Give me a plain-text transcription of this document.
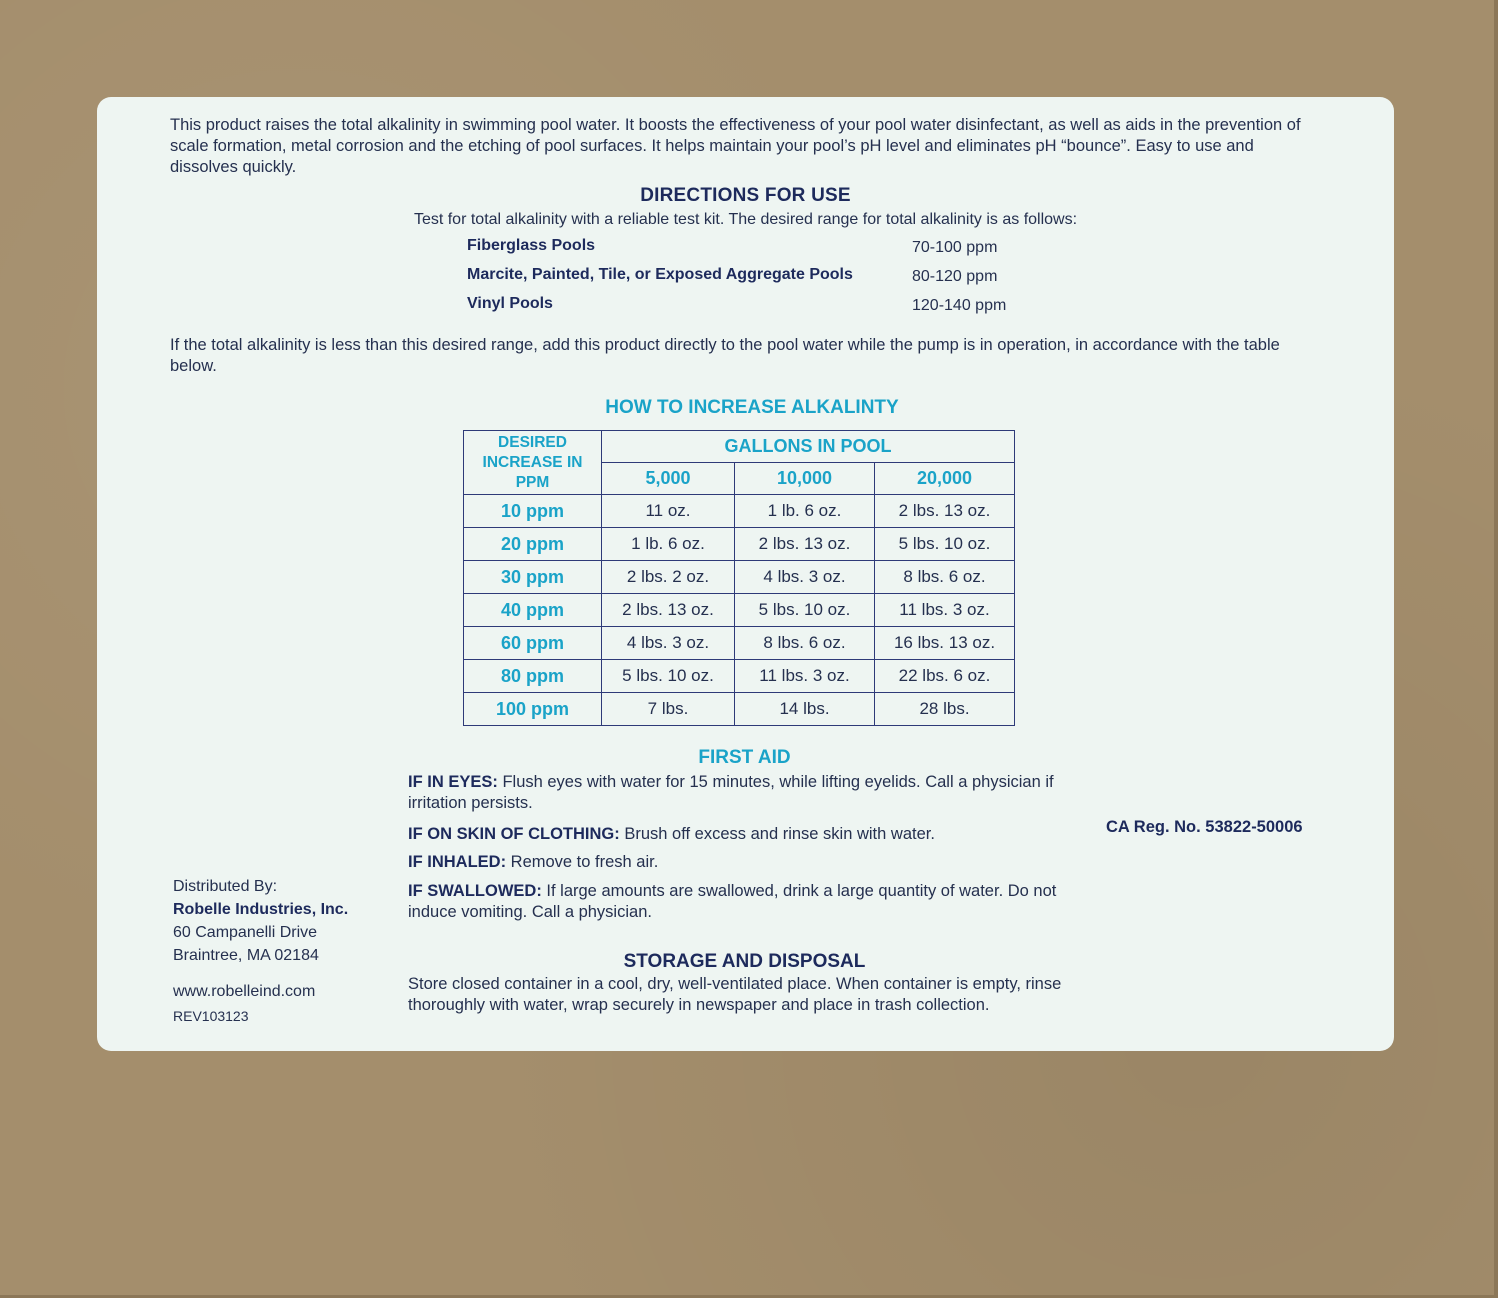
This product raises the total alkalinity in swimming pool water. It boosts the effectiveness of your pool water disinfectant, as well as aids in the prevention of scale formation, metal corrosion and the etching of pool surfaces. It helps maintain your pool’s pH level and eliminates pH “bounce”. Easy to use and dissolves quickly.
DIRECTIONS FOR USE
Test for total alkalinity with a reliable test kit. The desired range for total alkalinity is as follows:
Fiberglass Pools	70-100 ppm
Marcite, Painted, Tile, or Exposed Aggregate Pools	80-120 ppm
Vinyl Pools	120-140 ppm
If the total alkalinity is less than this desired range, add this product directly to the pool water while the pump is in operation, in accordance with the table below.
HOW TO INCREASE ALKALINTY
DESIRED INCREASE IN PPM	GALLONS IN POOL		
	5,000	10,000	20,000
10 ppm	11 oz.	1 lb. 6 oz.	2 lbs. 13 oz.
20 ppm	1 lb. 6 oz.	2 lbs. 13 oz.	5 lbs. 10 oz.
30 ppm	2 lbs. 2 oz.	4 lbs. 3 oz.	8 lbs. 6 oz.
40 ppm	2 lbs. 13 oz.	5 lbs. 10 oz.	11 lbs. 3 oz.
60 ppm	4 lbs. 3 oz.	8 lbs. 6 oz.	16 lbs. 13 oz.
80 ppm	5 lbs. 10 oz.	11 lbs. 3 oz.	22 lbs. 6 oz.
100 ppm	7 lbs.	14 lbs.	28 lbs.
FIRST AID
IF IN EYES: Flush eyes with water for 15 minutes, while lifting eyelids. Call a physician if irritation persists.
IF ON SKIN OF CLOTHING: Brush off excess and rinse skin with water.
IF INHALED: Remove to fresh air.
IF SWALLOWED: If large amounts are swallowed, drink a large quantity of water. Do not induce vomiting. Call a physician.
STORAGE AND DISPOSAL
Store closed container in a cool, dry, well-ventilated place. When container is empty, rinse thoroughly with water, wrap securely in newspaper and place in trash collection.
Distributed By:
Robelle Industries, Inc.
60 Campanelli Drive
Braintree, MA 02184
www.robelleind.com
REV103123
CA Reg. No. 53822-50006
